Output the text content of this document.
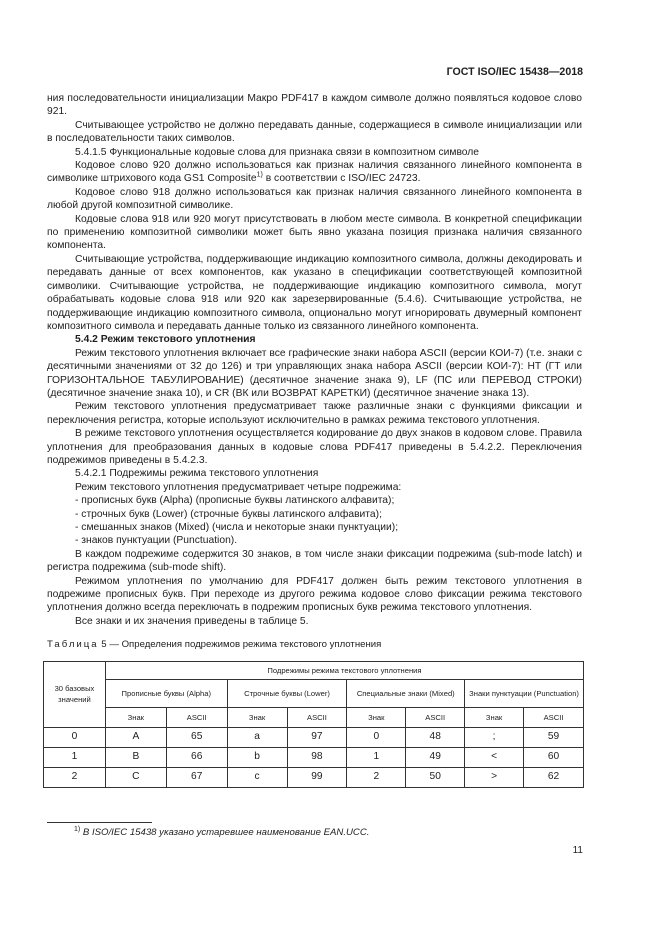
ГОСТ ISO/IEC 15438—2018

ния последовательности инициализации Макро PDF417 в каждом символе должно появляться кодовое слово 921.

Считывающее устройство не должно передавать данные, содержащиеся в символе инициализации или в последовательности таких символов.

5.4.1.5 Функциональные кодовые слова для признака связи в композитном символе

Кодовое слово 920 должно использоваться как признак наличия связанного линейного компонента в символике штрихового кода GS1 Composite$^{1)}$ в соответствии с ISO/IEC 24723.

Кодовое слово 918 должно использоваться как признак наличия связанного линейного компонента в любой другой композитной символике.

Кодовые слова 918 или 920 могут присутствовать в любом месте символа. В конкретной спецификации по применению композитной символики может быть явно указана позиция признака наличия связанного компонента.

Считывающие устройства, поддерживающие индикацию композитного символа, должны декодировать и передавать данные от всех компонентов, как указано в спецификации соответствующей композитной символики. Считывающие устройства, не поддерживающие индикацию композитного символа, могут обрабатывать кодовые слова 918 или 920 как зарезервированные (5.4.6). Считывающие устройства, не поддерживающие индикацию композитного символа, опционально могут игнорировать двумерный компонент композитного символа и передавать данные только из связанного линейного компонента.

5.4.2 Режим текстового уплотнения

Режим текстового уплотнения включает все графические знаки набора ASCII (версии КОИ-7) (т.е. знаки с десятичными значениями от 32 до 126) и три управляющих знака набора ASCII (версии КОИ-7): НТ (ГТ или ГОРИЗОНТАЛЬНОЕ ТАБУЛИРОВАНИЕ) (десятичное значение знака 9), LF (ПС или ПЕРЕВОД СТРОКИ) (десятичное значение знака 10), и CR (ВК или ВОЗВРАТ КАРЕТКИ) (десятичное значение знака 13).

Режим текстового уплотнения предусматривает также различные знаки с функциями фиксации и переключения регистра, которые используют исключительно в рамках режима текстового уплотнения.

В режиме текстового уплотнения осуществляется кодирование до двух знаков в кодовом слове. Правила уплотнения для преобразования данных в кодовые слова PDF417 приведены в 5.4.2.2. Переключения подрежимов приведены в 5.4.2.3.

5.4.2.1 Подрежимы режима текстового уплотнения

Режим текстового уплотнения предусматривает четыре подрежима:

- прописных букв (Alpha) (прописные буквы латинского алфавита);

- строчных букв (Lower) (строчные буквы латинского алфавита);

- смешанных знаков (Mixed) (числа и некоторые знаки пунктуации);

- знаков пунктуации (Punctuation).

В каждом подрежиме содержится 30 знаков, в том числе знаки фиксации подрежима (sub-mode latch) и регистра подрежима (sub-mode shift).

Режимом уплотнения по умолчанию для PDF417 должен быть режим текстового уплотнения в подрежиме прописных букв. При переходе из другого режима кодовое слово фиксации режима текстового уплотнения должно всегда переключать в подрежим прописных букв режима текстового уплотнения.

Все знаки и их значения приведены в таблице 5.

Таблица 5 — Определения подрежимов режима текстового уплотнения
30 базовых значений	Подрежимы режима текстового уплотнения							
	Прописные буквы (Alpha)		Строчные буквы (Lower)		Специальные знаки (Mixed)		Знаки пунктуации (Punctuation)	
	Знак	ASCII	Знак	ASCII	Знак	ASCII	Знак	ASCII
0	A	65	a	97	0	48	;	59
1	B	66	b	98	1	49	<	60
2	C	67	c	99	2	50	>	62
$^{1)}$ В ISO/IEC 15438 указано устаревшее наименование EAN.UCC.
11
